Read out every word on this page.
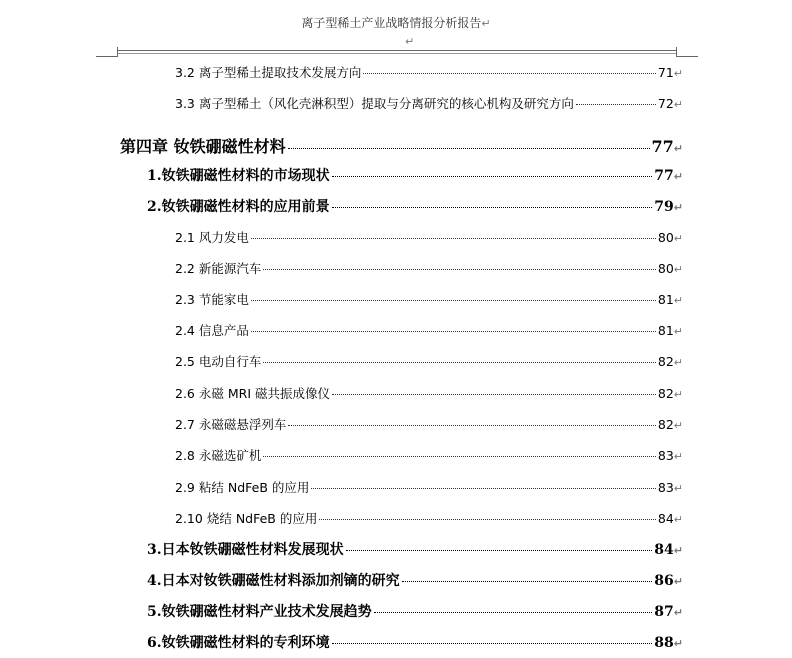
离子型稀土产业战略情报分析报告↵
↵
3.2 离子型稀土提取技术发展方向	71 ↵
3.3 离子型稀土（风化壳淋积型）提取与分离研究的核心机构及研究方向	72 ↵
第四章 钕铁硼磁性材料	77 ↵
1.钕铁硼磁性材料的市场现状	77 ↵
2.钕铁硼磁性材料的应用前景	79 ↵
2.1 风力发电	80 ↵
2.2 新能源汽车	80 ↵
2.3 节能家电	81 ↵
2.4 信息产品	81 ↵
2.5 电动自行车	82 ↵
2.6 永磁 MRI 磁共振成像仪	82 ↵
2.7 永磁磁悬浮列车	82 ↵
2.8 永磁选矿机	83 ↵
2.9 粘结 NdFeB 的应用	83 ↵
2.10 烧结 NdFeB 的应用	84 ↵
3.日本钕铁硼磁性材料发展现状	84 ↵
4.日本对钕铁硼磁性材料添加剂镝的研究	86 ↵
5.钕铁硼磁性材料产业技术发展趋势	87 ↵
6.钕铁硼磁性材料的专利环境	88 ↵
